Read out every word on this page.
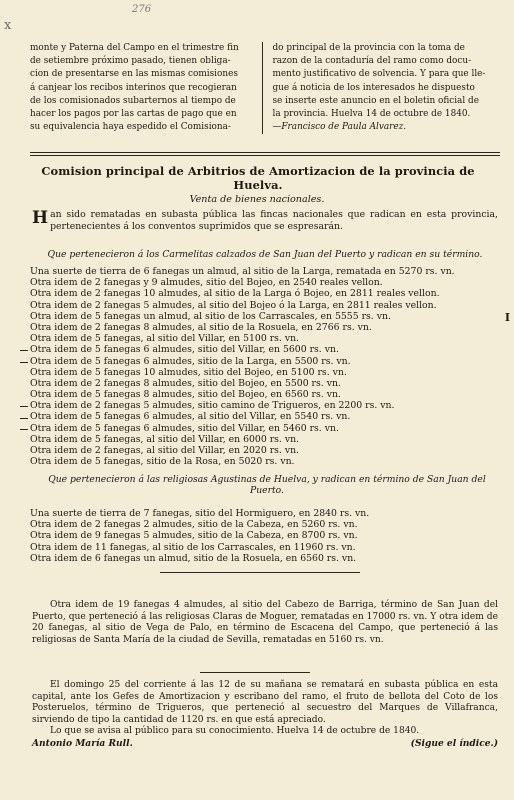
x
276
monte y Paterna del Campo en el trimestre fin
de setiembre próximo pasado, tienen obliga-
cion de presentarse en las mismas comisiones
á canjear los recibos interinos que recogieran
de los comisionados subarternos al tiempo de
hacer los pagos por las cartas de pago que en
su equivalencia haya espedido el Comisiona-
do principal de la provincia con la toma de
razon de la contaduría del ramo como docu-
mento justificativo de solvencia. Y para que lle-
gue á noticia de los interesados he dispuesto
se inserte este anuncio en el boletin oficial de
la provincia. Huelva 14 de octubre de 1840.
—Francisco de Paula Alvarez.
Comision principal de Arbitrios de Amortizacion de la provincia de Huelva.
Venta de bienes nacionales.
Han sido rematadas en subasta pública las fincas nacionales que radican en esta provincia, pertenecientes á los conventos suprimidos que se espresarán.
Que pertenecieron á los Carmelitas calzados de San Juan del Puerto y radican en su término.
Una suerte de tierra de 6 fanegas un almud, al sitio de la Larga, rematada en 5270 rs. vn.
Otra idem de 2 fanegas y 9 almudes, sitio del Bojeo, en 2540 reales vellon.
Otra idem de 2 fanegas 10 almudes, al sitio de la Larga ó Bojeo, en 2811 reales vellon.
Otra idem de 2 fanegas 5 almudes, al sitio del Bojeo ó la Larga, en 2811 reales vellon.
Otra idem de 5 fanegas un almud, al sitio de los Carrascales, en 5555 rs. vn.
Otra idem de 2 fanegas 8 almudes, al sitio de la Rosuela, en 2766 rs. vn.
Otra idem de 5 fanegas, al sitio del Villar, en 5100 rs. vn.
Otra idem de 5 fanegas 6 almudes, sitio del Villar, en 5600 rs. vn.
Otra idem de 5 fanegas 6 almudes, sitio de la Larga, en 5500 rs. vn.
Otra idem de 5 fanegas 10 almudes, sitio del Bojeo, en 5100 rs. vn.
Otra idem de 2 fanegas 8 almudes, sitio del Bojeo, en 5500 rs. vn.
Otra idem de 5 fanegas 8 almudes, sitio del Bojeo, en 6560 rs. vn.
Otra idem de 2 fanegas 5 almudes, sitio camino de Trigueros, en 2200 rs. vn.
Otra idem de 5 fanegas 6 almudes, al sitio del Villar, en 5540 rs. vn.
Otra idem de 5 fanegas 6 almudes, sitio del Villar, en 5460 rs. vn.
Otra idem de 5 fanegas, al sitio del Villar, en 6000 rs. vn.
Otra idem de 2 fanegas, al sitio del Villar, en 2020 rs. vn.
Otra idem de 5 fanegas, sitio de la Rosa, en 5020 rs. vn.
I
Que pertenecieron á las religiosas Agustinas de Huelva, y radican en término de San Juan del Puerto.
Una suerte de tierra de 7 fanegas, sitio del Hormiguero, en 2840 rs. vn.
Otra idem de 2 fanegas 2 almudes, sitio de la Cabeza, en 5260 rs. vn.
Otra idem de 9 fanegas 5 almudes, sitio de la Cabeza, en 8700 rs. vn.
Otra idem de 11 fanegas, al sitio de los Carrascales, en 11960 rs. vn.
Otra idem de 6 fanegas un almud, sitio de la Rosuela, en 6560 rs. vn.

Otra idem de 19 fanegas 4 almudes, al sitio del Cabezo de Barriga, término de San Juan del Puerto, que perteneció á las religiosas Claras de Moguer, rematadas en 17000 rs. vn. Y otra idem de 20 fanegas, al sitio de Vega de Palo, en término de Escacena del Campo, que perteneció á las religiosas de Santa María de la ciudad de Sevilla, rematadas en 5160 rs. vn.

El domingo 25 del corriente á las 12 de su mañana se rematará en subasta pública en esta capital, ante los Gefes de Amortizacion y escribano del ramo, el fruto de bellota del Coto de los Posteruelos, término de Trigueros, que perteneció al secuestro del Marques de Villafranca, sirviendo de tipo la cantidad de 1120 rs. en que está apreciado.

Lo que se avisa al público para su conocimiento. Huelva 14 de octubre de 1840.

Antonio María Rull.	(Sigue el índice.)
